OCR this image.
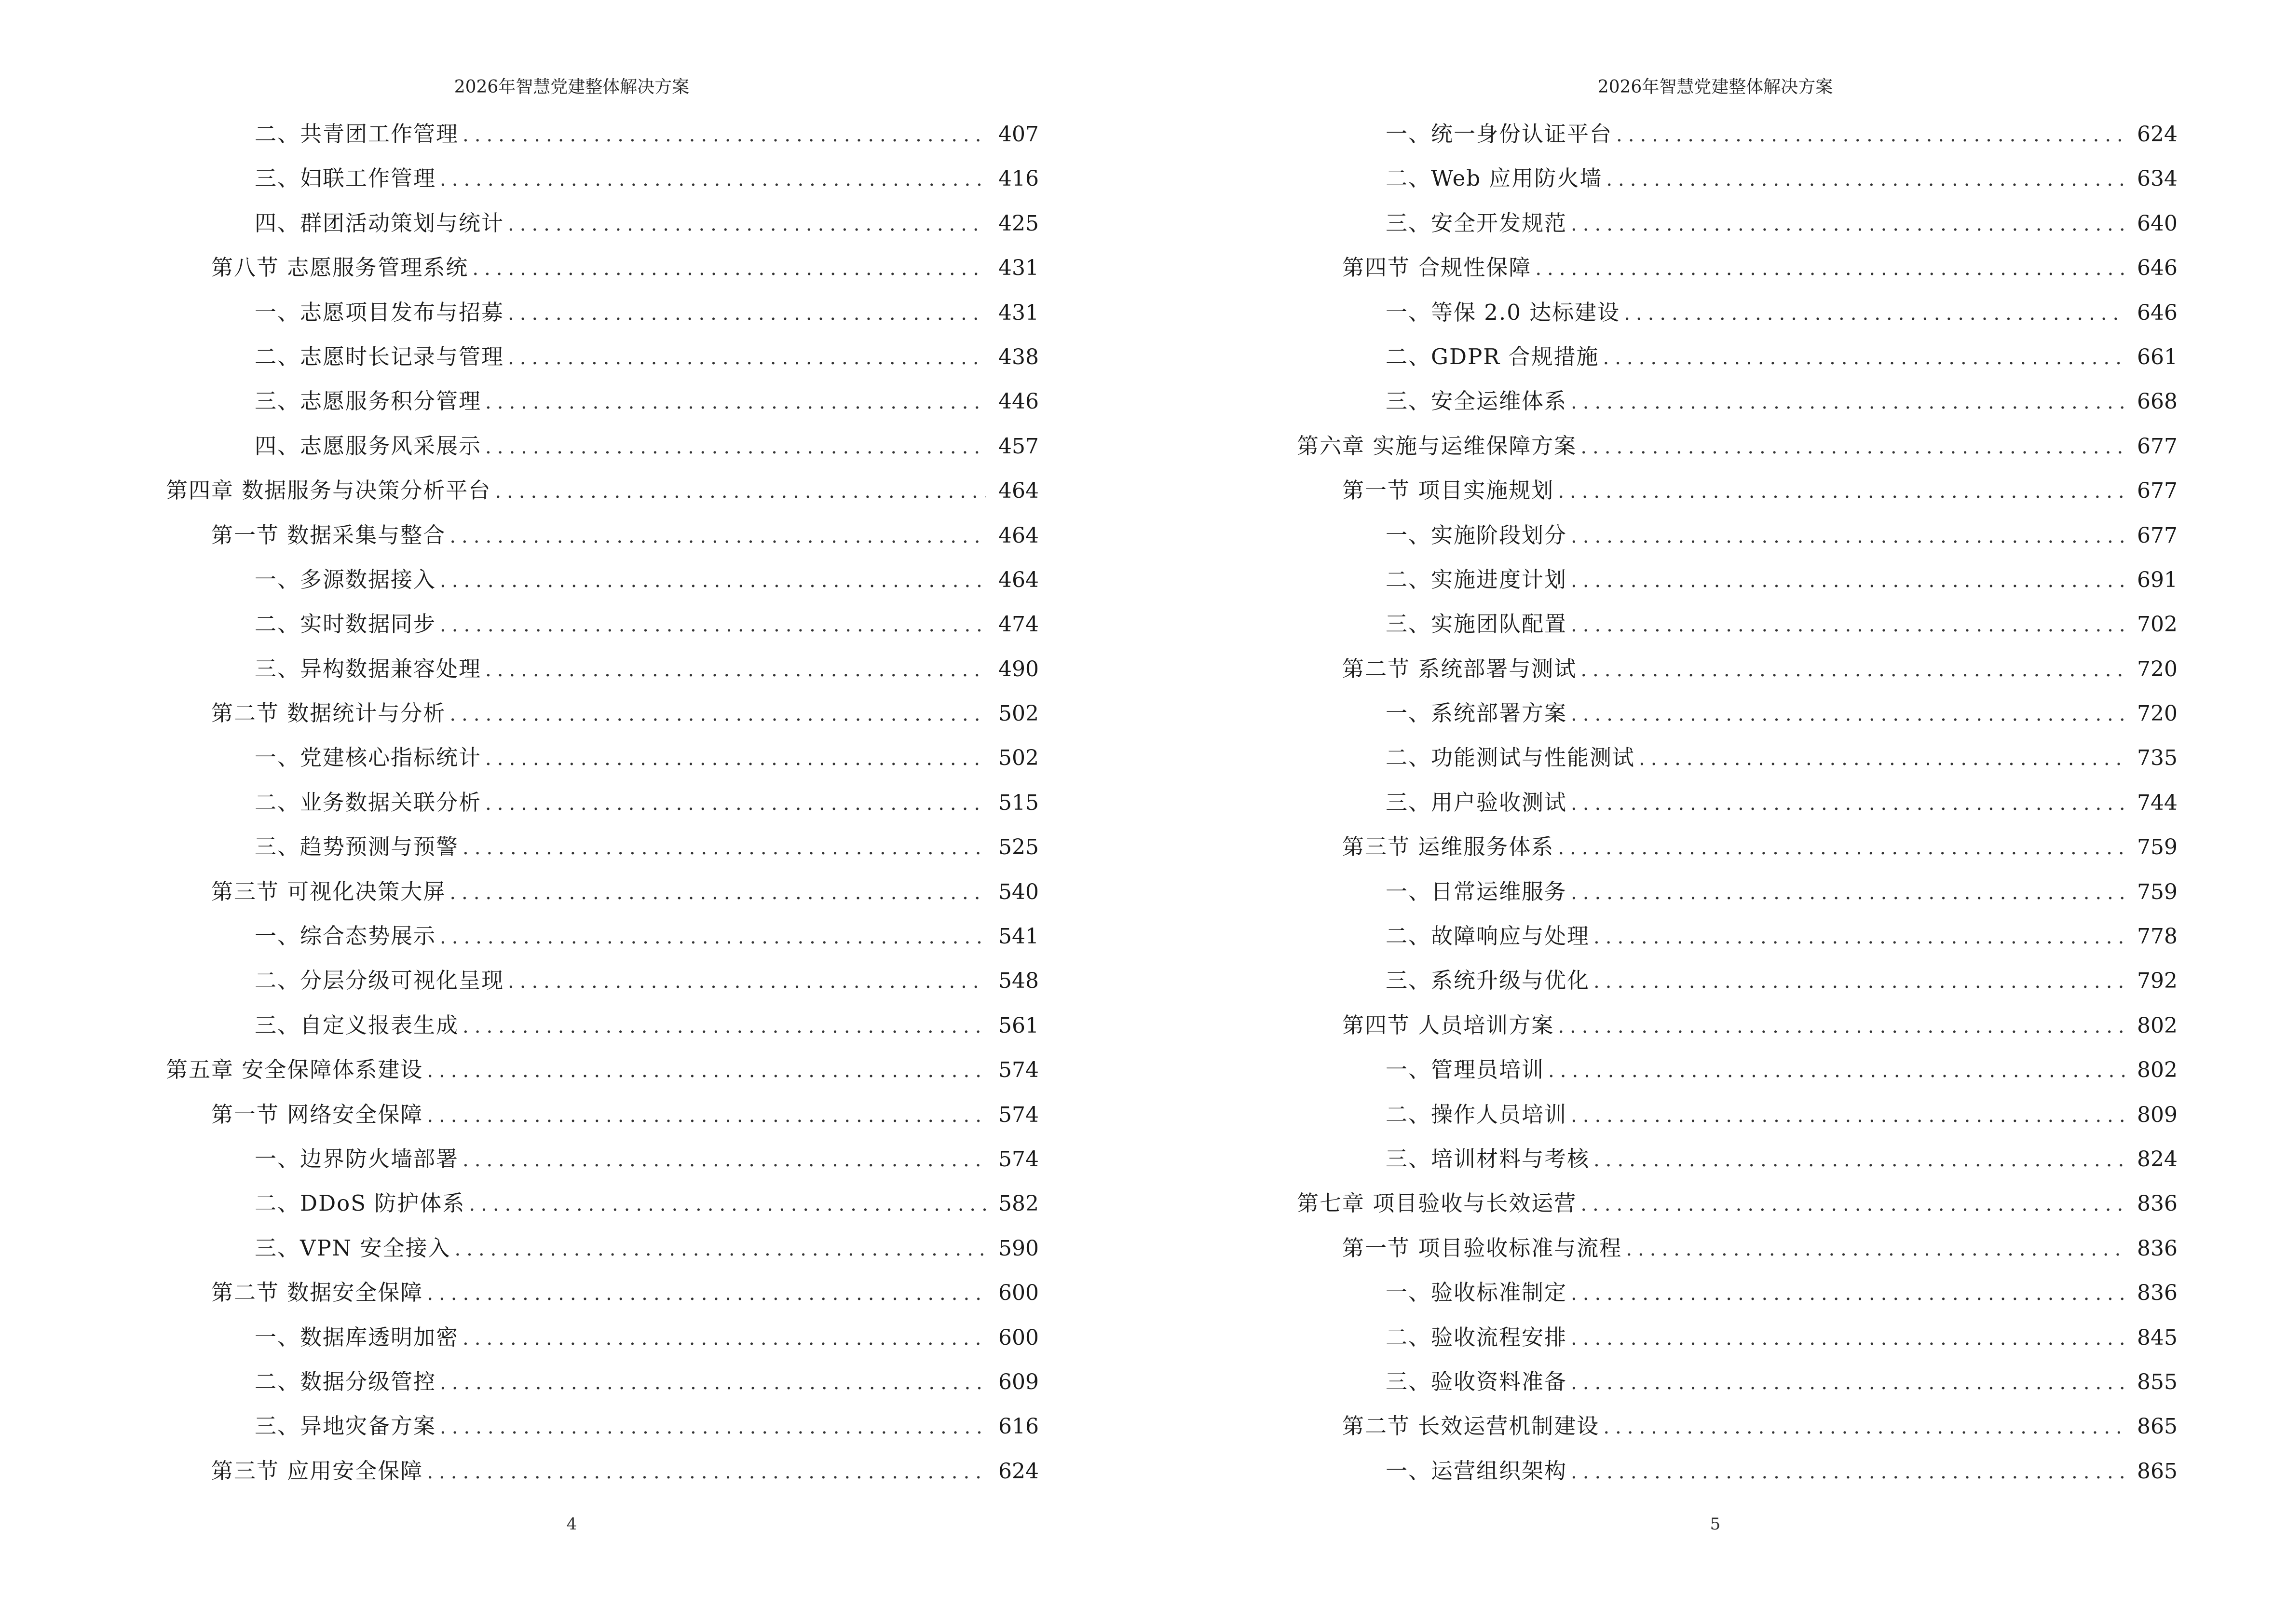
2026年智慧党建整体解决方案
二、共青团工作管理 .....	407
三、妇联工作管理 .....	416
四、群团活动策划与统计 .....	425
第八节 志愿服务管理系统 .....	431
一、志愿项目发布与招募 .....	431
二、志愿时长记录与管理 .....	438
三、志愿服务积分管理 .....	446
四、志愿服务风采展示 .....	457
第四章 数据服务与决策分析平台 .....	464
第一节 数据采集与整合 .....	464
一、多源数据接入 .....	464
二、实时数据同步 .....	474
三、异构数据兼容处理 .....	490
第二节 数据统计与分析 .....	502
一、党建核心指标统计 .....	502
二、业务数据关联分析 .....	515
三、趋势预测与预警 .....	525
第三节 可视化决策大屏 .....	540
一、综合态势展示 .....	541
二、分层分级可视化呈现 .....	548
三、自定义报表生成 .....	561
第五章 安全保障体系建设 .....	574
第一节 网络安全保障 .....	574
一、边界防火墙部署 .....	574
二、DDoS 防护体系 .....	582
三、VPN 安全接入 .....	590
第二节 数据安全保障 .....	600
一、数据库透明加密 .....	600
二、数据分级管控 .....	609
三、异地灾备方案 .....	616
第三节 应用安全保障 .....	624
4
2026年智慧党建整体解决方案
一、统一身份认证平台 .....	624
二、Web 应用防火墙 .....	634
三、安全开发规范 .....	640
第四节 合规性保障 .....	646
一、等保 2.0 达标建设 .....	646
二、GDPR 合规措施 .....	661
三、安全运维体系 .....	668
第六章 实施与运维保障方案 .....	677
第一节 项目实施规划 .....	677
一、实施阶段划分 .....	677
二、实施进度计划 .....	691
三、实施团队配置 .....	702
第二节 系统部署与测试 .....	720
一、系统部署方案 .....	720
二、功能测试与性能测试 .....	735
三、用户验收测试 .....	744
第三节 运维服务体系 .....	759
一、日常运维服务 .....	759
二、故障响应与处理 .....	778
三、系统升级与优化 .....	792
第四节 人员培训方案 .....	802
一、管理员培训 .....	802
二、操作人员培训 .....	809
三、培训材料与考核 .....	824
第七章 项目验收与长效运营 .....	836
第一节 项目验收标准与流程 .....	836
一、验收标准制定 .....	836
二、验收流程安排 .....	845
三、验收资料准备 .....	855
第二节 长效运营机制建设 .....	865
一、运营组织架构 .....	865
5
